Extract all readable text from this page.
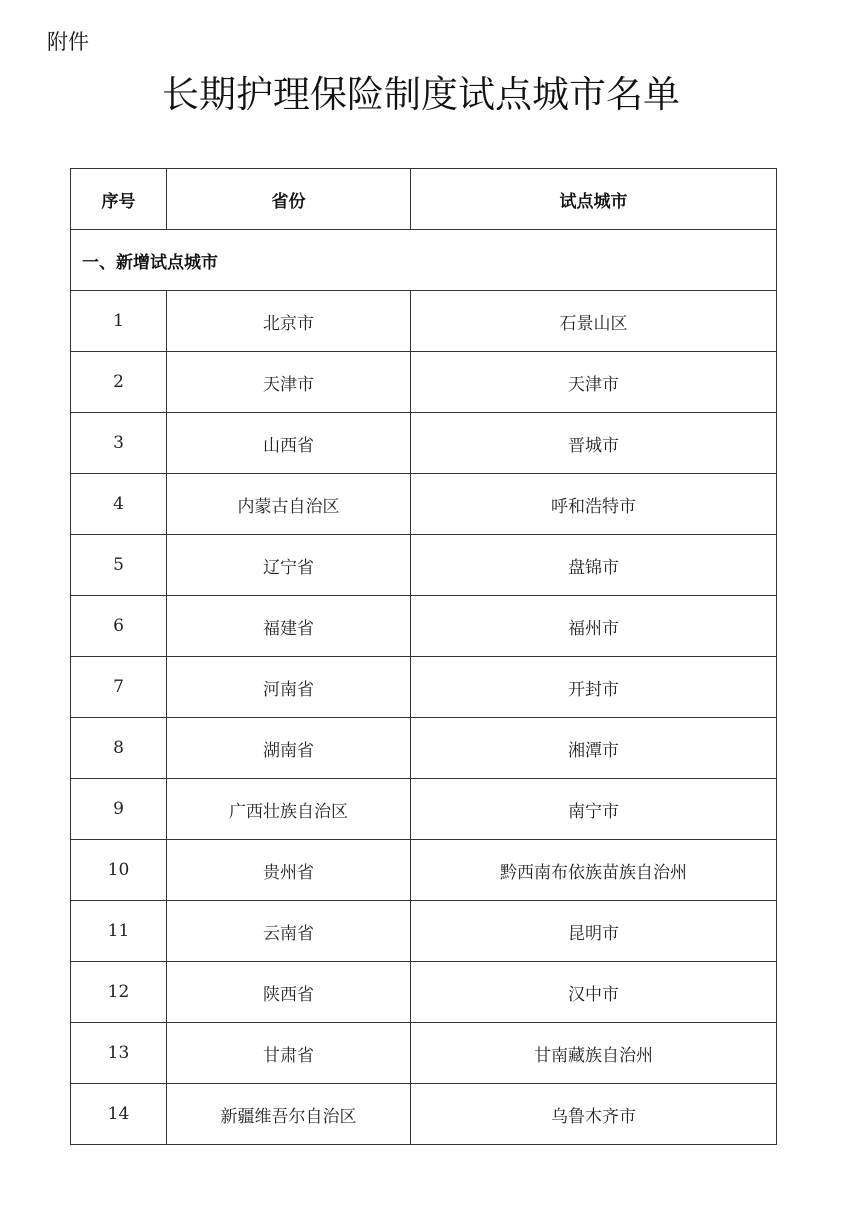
附件
长期护理保险制度试点城市名单
序号	省份	试点城市
一、新增试点城市		
1	北京市	石景山区
2	天津市	天津市
3	山西省	晋城市
4	内蒙古自治区	呼和浩特市
5	辽宁省	盘锦市
6	福建省	福州市
7	河南省	开封市
8	湖南省	湘潭市
9	广西壮族自治区	南宁市
10	贵州省	黔西南布依族苗族自治州
11	云南省	昆明市
12	陕西省	汉中市
13	甘肃省	甘南藏族自治州
14	新疆维吾尔自治区	乌鲁木齐市
